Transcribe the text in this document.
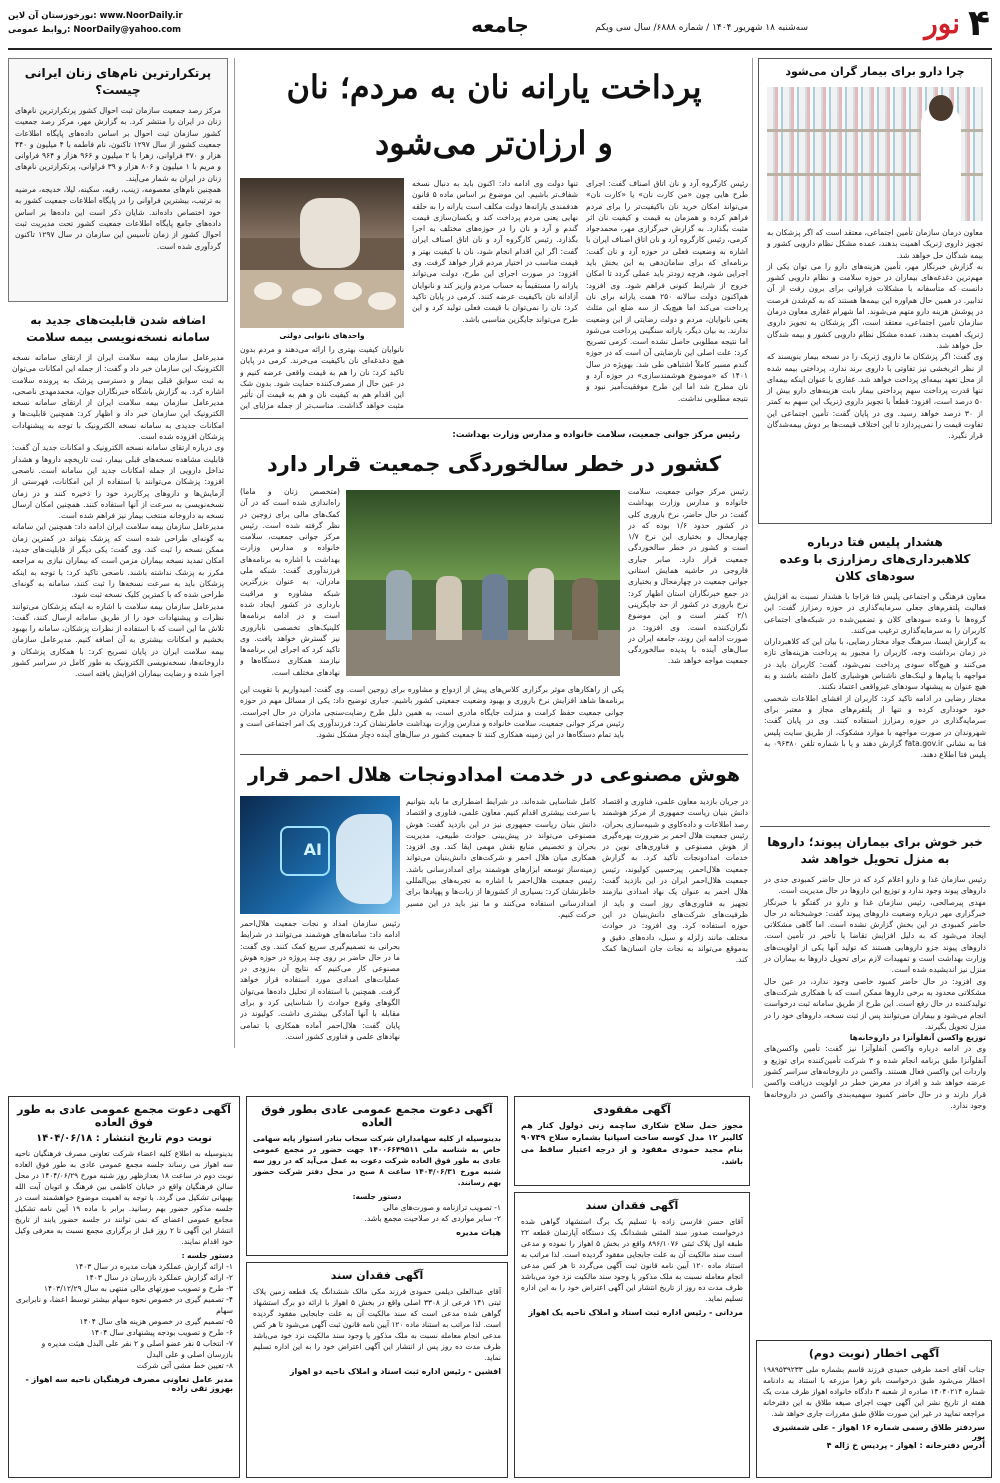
۴
نور
سه‌شنبه ۱۸ شهریور ۱۴۰۴ / شماره ۶۸۸۸/ سال سی ویکم
جامعه
نورخوزستان آن لاین: www.NoorDaily.ir
روابط عمومی: NoorDaily@yahoo.com
چرا دارو برای بیمار گران می‌شود

معاون درمان سازمان تأمین اجتماعی، معتقد است که اگر پزشکان به تجویز داروی ژنریک اهمیت بدهند، عمده مشکل نظام دارویی کشور و بیمه شدگان حل خواهد شد.

به گزارش خبرنگار مهر، تأمین هزینه‌های دارو را می توان یکی از مهم‌ترین دغدغه‌های بیماران در حوزه سلامت و نظام دارویی کشور دانست که متأسفانه با مشکلات فراوانی برای برون رفت از آن تدابیر. در همین حال هم‌اوره این بیمه‌ها هستند که به کم‌شدن فرصت در پوشش هزینه دارو متهم می‌شوند. اما شهرام غفاری معاون درمان سازمان تأمین اجتماعی، معتقد است، اگر پزشکان به تجویز داروی ژنریک اهمیت بدهند، عمده مشکل نظام دارویی کشور و بیمه شدگان حل خواهد شد.

وی گفت: اگر پزشکان ما داروی ژنریک را در نسخه بیمار بنویسند که از نظر اثربخشی نیز تفاوتی با داروی برند ندارد، پرداختی بیمه شده از محل تعهد بیمه‌ای پرداخت خواهد شد. غفاری با عنوان اینکه بیمه‌ای تنها قدرت پرداخت سهم پرداختی بیمار بابت هزینه‌های دارو بیش از ۵۰ درصد است، افزود: قطعاً با تجویز داروی ژنریک این سهم به کمتر از ۳۰ درصد خواهد رسید. وی در پایان گفت: تأمین اجتماعی این تفاوت قیمت را نمی‌پردازد تا این اختلاف قیمت‌ها بر دوش بیمه‌شدگان قرار نگیرد.

هشدار پلیس فتا درباره کلاهبرداری‌های رمزارزی با وعده سودهای کلان

معاون فرهنگی و اجتماعی پلیس فتا فراجا با هشدار نسبت به افزایش فعالیت پلتفرم‌های جعلی سرمایه‌گذاری در حوزه رمزارز گفت: این گروه‌ها با وعده سودهای کلان و تضمین‌شده در شبکه‌های اجتماعی کاربران را به سرمایه‌گذاری ترغیب می‌کنند.

به گزارش ایسنا، سرهنگ جواد مختار رضایی، با بیان این که کلاهبرداران در زمان برداشت وجه، کاربران را مجبور به پرداخت هزینه‌های تازه می‌کنند و هیچ‌گاه سودی پرداخت نمی‌شود، گفت: کاربران باید در مواجهه با پیام‌ها و لینک‌های ناشناس هوشیاری کامل داشته باشند و به هیچ عنوان به پیشنهاد سودهای غیرواقعی اعتماد نکنند.

مختار رضایی در ادامه تاکید کرد: کاربران از افشای اطلاعات شخصی خود خودداری کرده و تنها از پلتفرم‌های مجاز و معتبر برای سرمایه‌گذاری در حوزه رمزارز استفاده کنند. وی در پایان گفت: شهروندان در صورت مواجهه با موارد مشکوک، از طریق سایت پلیس فتا به نشانی fata.gov.ir گزارش دهند و یا با شماره تلفن ۰۹۶۳۸۰ به پلیس فتا اطلاع دهند.

خبر خوش برای بیماران پیوند؛ داروها به منزل تحویل خواهد شد

رئیس سازمان غذا و دارو اعلام کرد که در حال حاضر کمبودی جدی در داروهای پیوند وجود ندارد و توزیع این داروها در حال مدیریت است.

مهدی پیرصالحی، رئیس سازمان غذا و دارو در گفتگو با خبرنگار خبرگزاری مهر درباره وضعیت داروهای پیوند گفت: خوشبختانه در حال حاضر کمبودی در این بخش گزارش نشده است. اما گاهی مشکلاتی ایجاد می‌شود که به دلیل افزایش تقاضا یا تأخیر در تأمین است. داروهای پیوند جزو داروهایی هستند که تولید آنها یکی از اولویت‌های وزارت بهداشت است و تمهیدات لازم برای تحویل داروها به بیماران در منزل نیز اندیشیده شده است.

وی افزود: در حال حاضر کمبود خاصی وجود ندارد، در عین حال مشکلاتی محدود به برخی داروها ممکن است که با همکاری شرکت‌های تولیدکننده در حال رفع است. این طرح از طریق سامانه ثبت درخواست انجام می‌شود و بیماران می‌توانند پس از ثبت نسخه، داروهای خود را در منزل تحویل بگیرند.

توزیع واکسن آنفلوآنزا در داروخانه‌ها

وی در ادامه درباره واکسن آنفلوآنزا نیز گفت: تأمین واکسن‌های آنفلوآنزا طبق برنامه انجام شده و ۳ شرکت تأمین‌کننده برای توزیع و واردات این واکسن فعال هستند. واکسن در داروخانه‌های سراسر کشور عرضه خواهد شد و افراد در معرض خطر در اولویت دریافت واکسن قرار دارند و در حال حاضر کمبود سهمیه‌بندی واکسن در داروخانه‌ها وجود ندارد.

پرتکرارترین نام‌های زنان ایرانی چیست؟

مرکز رصد جمعیت سازمان ثبت احوال کشور پرتکرارترین نام‌های زنان در ایران را منتشر کرد. به گزارش مهر، مرکز رصد جمعیت کشور سازمان ثبت احوال بر اساس داده‌های پایگاه اطلاعات جمعیت کشور از سال ۱۲۹۷ تاکنون، نام فاطمه با ۴ میلیون و ۴۴۰ هزار و ۳۷۰ فراوانی، زهرا با ۲ میلیون و ۹۶۶ هزار و ۹۶۴ فراوانی و مریم با ۱ میلیون و ۸۰۶ هزار و ۳۹ فراوانی، پرتکرارترین نام‌های زنان در ایران به شمار می‌آیند.

همچنین نام‌های معصومه، زینب، رقیه، سکینه، لیلا، خدیجه، مرضیه به ترتیب، بیشترین فراوانی را در پایگاه اطلاعات جمعیت کشور به خود اختصاص داده‌اند. شایان ذکر است این داده‌ها بر اساس داده‌های جامع پایگاه اطلاعات جمعیت کشور تحت مدیریت ثبت احوال کشور از زمان تأسیس این سازمان در سال ۱۲۹۷ تاکنون گردآوری شده است.

اضافه شدن قابلیت‌های جدید به سامانه نسخه‌نویسی بیمه سلامت

مدیرعامل سازمان بیمه سلامت ایران از ارتقای سامانه نسخه الکترونیک این سازمان خبر داد و گفت: از جمله این امکانات می‌توان به ثبت سوابق قبلی بیمار و دسترسی پزشک به پرونده سلامت اشاره کرد. به گزارش باشگاه خبرنگاران جوان، محمدمهدی ناصحی، مدیرعامل سازمان بیمه سلامت ایران از ارتقای سامانه نسخه الکترونیک این سازمان خبر داد و اظهار کرد: همچنین قابلیت‌ها و امکانات جدیدی به سامانه نسخه الکترونیک با توجه به پیشنهادات پزشکان افزوده شده است.

وی درباره ارتقای سامانه نسخه الکترونیک و امکانات جدید آن گفت: قابلیت مشاهده نسخه‌های قبلی بیمار، ثبت تاریخچه داروها و هشدار تداخل دارویی از جمله امکانات جدید این سامانه است. ناصحی افزود: پزشکان می‌توانند با استفاده از این امکانات، فهرستی از آزمایش‌ها و داروهای پرکاربرد خود را ذخیره کنند و در زمان نسخه‌نویسی به سرعت از آنها استفاده کنند. همچنین امکان ارسال نسخه به داروخانه منتخب بیمار نیز فراهم شده است.

مدیرعامل سازمان بیمه سلامت ایران ادامه داد: همچنین این سامانه به گونه‌ای طراحی شده است که پزشک بتواند در کمترین زمان ممکن نسخه را ثبت کند. وی گفت: یکی دیگر از قابلیت‌های جدید، امکان تمدید نسخه بیماران مزمن است که بیماران نیازی به مراجعه مکرر به پزشک نداشته باشند. ناصحی تاکید کرد: با توجه به اینکه پزشکان باید به سرعت نسخه‌ها را ثبت کنند، سامانه به گونه‌ای طراحی شده که با کمترین کلیک نسخه ثبت شود.

مدیرعامل سازمان بیمه سلامت با اشاره به اینکه پزشکان می‌توانند نظرات و پیشنهادات خود را از طریق سامانه ارسال کنند، گفت: تلاش ما این است که با استفاده از نظرات پزشکان، سامانه را بهبود بخشیم و امکانات بیشتری به آن اضافه کنیم. مدیرعامل سازمان بیمه سلامت ایران در پایان تصریح کرد: با همکاری پزشکان و داروخانه‌ها، نسخه‌نویسی الکترونیک به طور کامل در سراسر کشور اجرا شده و رضایت بیماران افزایش یافته است.

پرداخت یارانه نان به مردم؛ نان
و ارزان‌تر می‌شود
رئیس کارگروه آرد و نان اتاق اصناف گفت: اجرای طرح هایی چون «من کارت نان» یا «کارت نان» می‌تواند امکان خرید نان باکیفیت‌تر را برای مردم فراهم کرده و همزمان به قیمت و کیفیت نان اثر مثبت بگذارد. به گزارش خبرگزاری مهر، محمدجواد کرمی، رئیس کارگروه آرد و نان اتاق اصناف ایران با اشاره به وضعیت فعلی در حوزه آرد و نان گفت: برنامه‌ای که برای سامان‌دهی به این بخش باید اجرایی شود، هرچه زودتر باید عملی گردد تا امکان خروج از شرایط کنونی فراهم شود. وی افزود: هم‌اکنون دولت سالانه ۲۵۰ همت یارانه برای نان پرداخت می‌کند اما هیچ‌یک از سه ضلع این مثلث یعنی نانوایان، مردم و دولت رضایتی از این وضعیت ندارند. به بیان دیگر، یارانه سنگینی پرداخت می‌شود اما نتیجه مطلوبی حاصل نشده است. کرمی تصریح کرد: علت اصلی این نارضایتی آن است که در حوزه گندم مسیر کاملاً اشتباهی طی شد. بهویژه در سال ۱۴۰۱ که «موضوع هوشمندسازی» در حوزه آرد و نان مطرح شد اما این طرح موفقیت‌آمیز نبود و نتیجه مطلوبی نداشت.
تنها دولت وی ادامه داد: اکنون باید به دنبال نسخه شفاف‌تر باشیم. این موضوع بر اساس ماده ۵ قانون هدفمندی یارانه‌ها دولت مکلف است یارانه را به حلقه نهایی یعنی مردم پرداخت کند و یکسان‌سازی قیمت گندم و آرد و نان را در حوزه‌های مختلف به اجرا بگذارد. رئیس کارگروه آرد و نان اتاق اصناف ایران گفت: اگر این اقدام انجام شود، نان با کیفیت بهتر و قیمت مناسب در اختیار مردم قرار خواهد گرفت. وی افزود: در صورت اجرای این طرح، دولت می‌تواند یارانه را مستقیماً به حساب مردم واریز کند و نانوایان آزادانه نان باکیفیت عرضه کنند. کرمی در پایان تاکید کرد: نان را نمی‌توان با قیمت فعلی تولید کرد و این طرح می‌تواند جایگزین مناسبی باشد.
واحدهای نانوایی دولتی
نانوایان کیفیت بهتری را ارائه می‌دهند و مردم بدون هیچ دغدغه‌ای نان باکیفیت می‌خرند. کرمی در پایان تاکید کرد: نان را هم به قیمت واقعی عرضه کنیم و در عین حال از مصرف‌کننده حمایت شود. بدون شک این اقدام هم به کیفیت نان و هم به قیمت آن تأثیر مثبت خواهد گذاشت. مناسب‌تر از جمله مزایای این
رئیس مرکز جوانی جمعیت، سلامت خانواده و مدارس وزارت بهداشت:
کشور در خطر سالخوردگی جمعیت قرار دارد
رئیس مرکز جوانی جمعیت، سلامت خانواده و مدارس وزارت بهداشت گفت: در حال حاضر، نرخ باروری کلی در کشور حدود ۱/۶ بوده که در چهارمحال و بختیاری این نرخ ۱/۷ است و کشور در خطر سالخوردگی جمعیت قرار دارد. صابر جباری فاروجی در حاشیه همایش استانی جوانی جمعیت در چهارمحال و بختیاری در جمع خبرنگاران استان اظهار کرد: نرخ باروری در کشور از حد جایگزینی ۲/۱ کمتر است و این موضوع نگران‌کننده است. وی افزود: در صورت ادامه این روند، جامعه ایران در سال‌های آینده با پدیده سالخوردگی جمعیت مواجه خواهد شد.
(متخصص زنان و ماما) راه‌اندازی شده است که در آن کمک‌های مالی برای زوجین در نظر گرفته شده است. رئیس مرکز جوانی جمعیت، سلامت خانواده و مدارس وزارت بهداشت با اشاره به برنامه‌های فرزندآوری گفت: شبکه ملی مادران، به عنوان بزرگترین شبکه مشاوره و مراقبت بارداری در کشور ایجاد شده است و در ادامه برنامه‌ها کلینیک‌های تخصصی ناباروری نیز گسترش خواهد یافت. وی تاکید کرد که اجرای این برنامه‌ها نیازمند همکاری دستگاه‌ها و نهادهای مختلف است.
یکی از راهکارهای موثر برگزاری کلاس‌های پیش از ازدواج و مشاوره برای زوجین است. وی گفت: امیدواریم با تقویت این برنامه‌ها شاهد افزایش نرخ باروری و بهبود وضعیت جمعیتی کشور باشیم. جباری توضیح داد: یکی از مسائل مهم در حوزه جوانی جمعیت حفظ کرامت و منزلت جایگاه مادری است، به همین دلیل طرح رضایت‌سنجی مادران در حال اجراست. رئیس مرکز جوانی جمعیت، سلامت خانواده و مدارس وزارت بهداشت خاطرنشان کرد: فرزندآوری یک امر اجتماعی است و باید تمام دستگاه‌ها در این زمینه همکاری کنند تا جمعیت کشور در سال‌های آینده دچار مشکل نشود.
هوش مصنوعی در خدمت امدادونجات هلال احمر قرار
در جریان بازدید معاون علمی، فناوری و اقتصاد دانش بنیان ریاست جمهوری از مرکز هوشمند رصد اطلاعات و داده‌کاوی و شبیه‌سازی بحران، رئیس جمعیت هلال احمر بر ضرورت بهره‌گیری از هوش مصنوعی و فناوری‌های نوین در خدمات امدادونجات تأکید کرد. به گزارش جمعیت هلال‌احمر، پیرحسین کولیوند، رئیس جمعیت هلال‌احمر ایران در این بازدید گفت: هلال احمر به عنوان یک نهاد امدادی نیازمند تجهیز به فناوری‌های روز است و باید از ظرفیت‌های شرکت‌های دانش‌بنیان در این حوزه استفاده کرد. وی افزود: در حوادث مختلف مانند زلزله و سیل، داده‌های دقیق و به‌موقع می‌تواند به نجات جان انسان‌ها کمک کند.
کامل شناسایی شده‌اند. در شرایط اضطراری ما باید بتوانیم با سرعت بیشتری اقدام کنیم. معاون علمی، فناوری و اقتصاد دانش بنیان ریاست جمهوری نیز در این بازدید گفت: هوش مصنوعی می‌تواند در پیش‌بینی حوادث طبیعی، مدیریت بحران و تخصیص منابع نقش مهمی ایفا کند. وی افزود: همکاری میان هلال احمر و شرکت‌های دانش‌بنیان می‌تواند زمینه‌ساز توسعه ابزارهای هوشمند برای امدادرسانی باشد. رئیس جمعیت هلال‌احمر با اشاره به تجربه‌های بین‌المللی خاطرنشان کرد: بسیاری از کشورها از ربات‌ها و پهپادها برای امدادرسانی استفاده می‌کنند و ما نیز باید در این مسیر حرکت کنیم.
AI
رئیس سازمان امداد و نجات جمعیت هلال‌احمر ادامه داد: سامانه‌های هوشمند می‌توانند در شرایط بحرانی به تصمیم‌گیری سریع کمک کنند. وی گفت: ما در حال حاضر بر روی چند پروژه در حوزه هوش مصنوعی کار می‌کنیم که نتایج آن به‌زودی در عملیات‌های امدادی مورد استفاده قرار خواهد گرفت. همچنین با استفاده از تحلیل داده‌ها می‌توان الگوهای وقوع حوادث را شناسایی کرد و برای مقابله با آنها آمادگی بیشتری داشت. کولیوند در پایان گفت: هلال‌احمر آماده همکاری با تمامی نهادهای علمی و فناوری کشور است.
آگهی دعوت مجمع عمومی عادی به طور فوق العاده
نوبت دوم تاریخ انتشار : ۱۴۰۴/۰۶/۱۸
بدینوسیله به اطلاع کلیه اعضاء شرکت تعاونی مصرف فرهنگیان ناحیه سه اهواز می رساند جلسه مجمع عمومی عادی به طور فوق العاده نوبت دوم در ساعت ۱۸ بعدازظهر روز شنبه مورخ ۱۴۰۴/۰۶/۲۹ در محل سالن فرهنگیان واقع در خیابان کاظمی بین فرهنگ و اتوبان آیت الله بهبهانی تشکیل می گردد. با توجه به اهمیت موضوع خواهشمند است در جلسه مذکور حضور بهم رسانید. برابر با ماده ۱۹ آیین نامه تشکیل مجامع عمومی اعضای که نمی توانند در جلسه حضور یابند از تاریخ انتشار این آگهی تا ۲ روز قبل از برگزاری مجمع نسبت به معرفی وکیل خود اقدام نمایند.
دستور جلسه :
۱- ارائه گزارش عملکرد هیات مدیره در سال ۱۴۰۳
۲- ارائه گزارش عملکرد بازرسان در سال ۱۴۰۳
۳- طرح و تصویب صورتهای مالی منتهی به سال ۱۴۰۳/۱۲/۲۹
۴- تصمیم گیری در خصوص نحوه سهام بیشتر توسط اعضا، و نابرابری سهام
۵- تصمیم گیری در خصوص هزینه های سال ۱۴۰۴
۶- طرح و تصویب بودجه پیشنهادی سال ۱۴۰۴
۷- انتخاب ۵ نفر عضو اصلی و ۲ نفر علی البدل هیئت مدیره و بازرسان اصلی و علی البدل
۸- تعیین خط مشی آتی شرکت
مدیر عامل تعاونی مصرف فرهنگیان ناحیه سه اهواز - بهروز تقی زاده
آگهی دعوت مجمع عمومی عادی بطور فوق العاده
بدینوسیله از کلیه سهامداران شرکت سحاب بنادر استوار پایه سهامی خاص به شناسه ملی ۱۴۰۰۶۶۴۹۵۱۱ جهت حضور در مجمع عمومی عادی به طور فوق العاده شرکت دعوت به عمل می‌آید که در روز سه شنبه مورخ ۱۴۰۴/۰۶/۳۱ ساعت ۸ صبح در محل دفتر شرکت حضور بهم رسانند.
دستور جلسه:
۱- تصویب ترازنامه و صورت‌های مالی
۲- سایر مواردی که در صلاحیت مجمع باشد.
هیات مدیره
آگهی فقدان سند
آقای عبدالعلی دیلمی حمودی فرزند مکی مالک ششدانگ یک قطعه زمین پلاک ثبتی ۱۴۱ فرعی از ۳۳۰۸ اصلی واقع در بخش ۵ اهواز با ارائه دو برگ استشهاد گواهی شده مدعی است که سند مالکیت آن به علت جابجایی مفقود گردیده است. لذا مراتب به استناد ماده ۱۲۰ آیین نامه قانون ثبت آگهی می‌شود تا هر کس مدعی انجام معامله نسبت به ملک مذکور یا وجود سند مالکیت نزد خود می‌باشد ظرف مدت ده روز پس از انتشار این آگهی اعتراض خود را به این اداره تسلیم نماید.
افشین - رئیس اداره ثبت اسناد و املاک ناحیه دو اهواز
آگهی مفقودی
مجوز حمل سلاح شکاری ساچمه زنی دولول کنار هم کالیبر ۱۲ مدل کوسه ساخت اسپانیا بشماره سلاح ۹۰۷۴۹ بنام مجید حمودی مفقود و از درجه اعتبار ساقط می باشد.
آگهی فقدان سند
آقای حسن فارسی زاده با تسلیم یک برگ استشهاد گواهی شده درخواست صدور سند المثنی ششدانگ یک دستگاه آپارتمان قطعه ۲۲ طبقه اول پلاک ثبتی ۸۹۶/۱۰۷۶ واقع در بخش ۵ اهواز را نموده و مدعی است سند مالکیت آن به علت جابجایی مفقود گردیده است. لذا مراتب به استناد ماده ۱۲۰ آیین نامه قانون ثبت آگهی می‌گردد تا هر کس مدعی انجام معامله نسبت به ملک مذکور یا وجود سند مالکیت نزد خود می‌باشد ظرف مدت ده روز از تاریخ انتشار این آگهی اعتراض خود را به این اداره تسلیم نماید.
مردانی - رئیس اداره ثبت اسناد و املاک ناحیه یک اهواز
آگهی اخطار (نوبت دوم)
جناب آقای احمد طرفی حمیدی فرزند قاسم بشماره ملی ۱۹۸۹۵۳۹۲۳۳ اخطار می‌شود طبق درخواست بانو زهرا مزرعه با استناد به دادنامه شماره ۱۴۰۴۰۲۱۴ صادره از شعبه ۳ دادگاه خانواده اهواز ظرف مدت یک هفته از تاریخ نشر این آگهی جهت اجرای صیغه طلاق به این دفترخانه مراجعه نمایید در غیر این صورت طلاق طبق مقررات جاری خواهد شد.
سردفتر طلاق رسمی شماره ۱۶ اهواز - علی شمشیری پور
آدرس دفترخانه : اهواز - پردیس خ ژاله ۴
